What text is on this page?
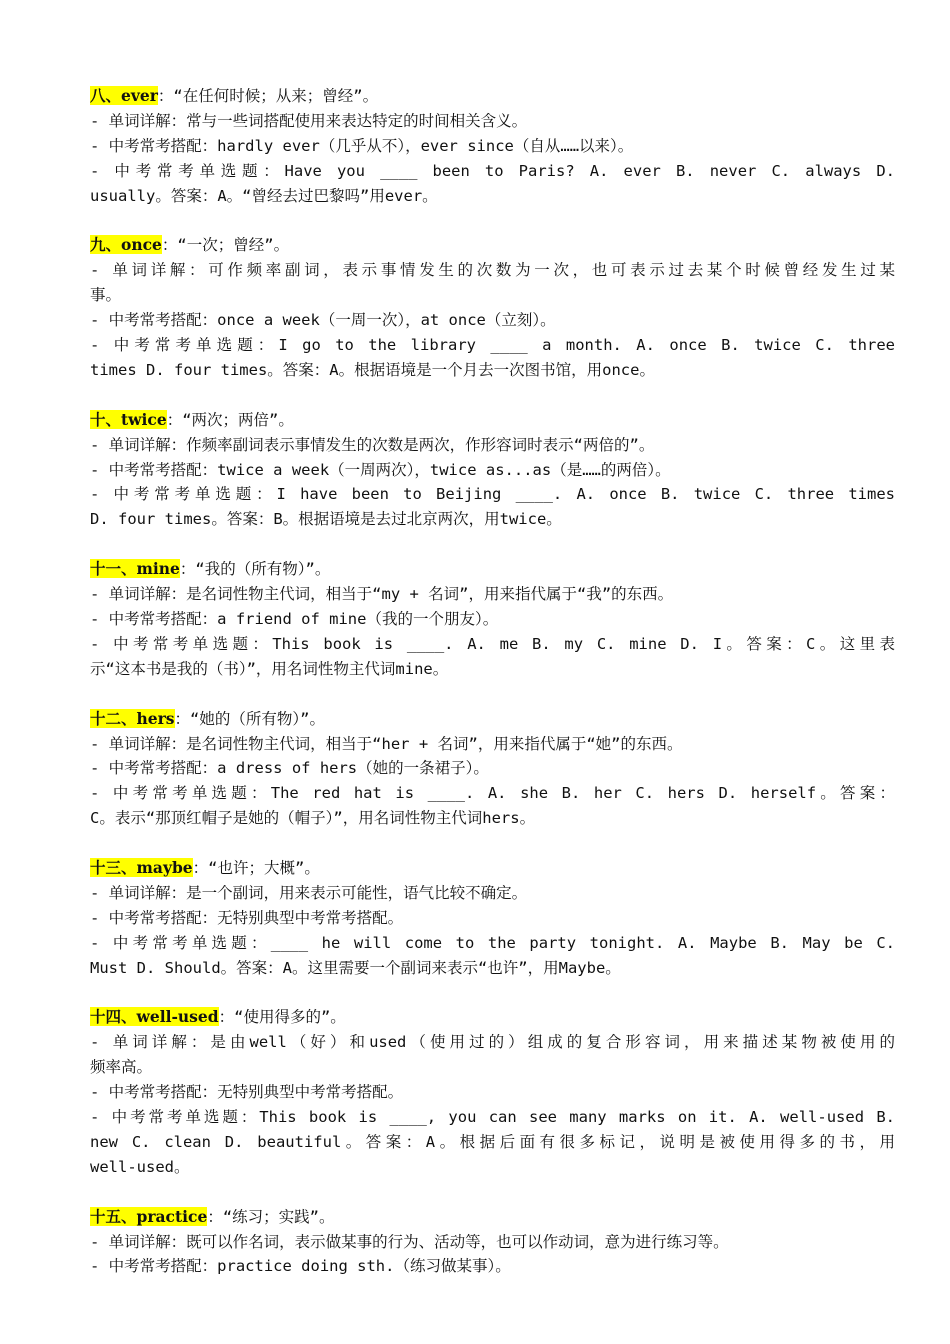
八、ever：“在任何时候；从来；曾经”。
- 单词详解：常与一些词搭配使用来表达特定的时间相关含义。
- 中考常考搭配：hardly ever（几乎从不），ever since（自从……以来）。
- 中考常考单选题：Have you ____ been to Paris? A. ever B. never C. always D.
usually。答案：A。“曾经去过巴黎吗”用ever。
九、once：“一次；曾经”。
- 单词详解：可作频率副词，表示事情发生的次数为一次，也可表示过去某个时候曾经发生过某
事。
- 中考常考搭配：once a week（一周一次），at once（立刻）。
- 中考常考单选题：I go to the library ____ a month. A. once B. twice C. three
times D. four times。答案：A。根据语境是一个月去一次图书馆，用once。
十、twice：“两次；两倍”。
- 单词详解：作频率副词表示事情发生的次数是两次，作形容词时表示“两倍的”。
- 中考常考搭配：twice a week（一周两次），twice as...as（是……的两倍）。
- 中考常考单选题：I have been to Beijing ____. A. once B. twice C. three times
D. four times。答案：B。根据语境是去过北京两次，用twice。
十一、mine：“我的（所有物）”。
- 单词详解：是名词性物主代词，相当于“my + 名词”，用来指代属于“我”的东西。
- 中考常考搭配：a friend of mine（我的一个朋友）。
- 中考常考单选题：This book is ____. A. me B. my C. mine D. I。答案：C。这里表
示“这本书是我的（书）”，用名词性物主代词mine。
十二、hers：“她的（所有物）”。
- 单词详解：是名词性物主代词，相当于“her + 名词”，用来指代属于“她”的东西。
- 中考常考搭配：a dress of hers（她的一条裙子）。
- 中考常考单选题：The red hat is ____. A. she B. her C. hers D. herself。答案：
C。表示“那顶红帽子是她的（帽子）”，用名词性物主代词hers。
十三、maybe：“也许；大概”。
- 单词详解：是一个副词，用来表示可能性，语气比较不确定。
- 中考常考搭配：无特别典型中考常考搭配。
- 中考常考单选题：____ he will come to the party tonight. A. Maybe B. May be C.
Must D. Should。答案：A。这里需要一个副词来表示“也许”，用Maybe。
十四、well-used：“使用得多的”。
- 单词详解：是由well（好）和used（使用过的）组成的复合形容词，用来描述某物被使用的
频率高。
- 中考常考搭配：无特别典型中考常考搭配。
- 中考常考单选题：This book is ____, you can see many marks on it. A. well-used B.
new C. clean D. beautiful。答案：A。根据后面有很多标记，说明是被使用得多的书，用
well-used。
十五、practice：“练习；实践”。
- 单词详解：既可以作名词，表示做某事的行为、活动等，也可以作动词，意为进行练习等。
- 中考常考搭配：practice doing sth.（练习做某事）。
